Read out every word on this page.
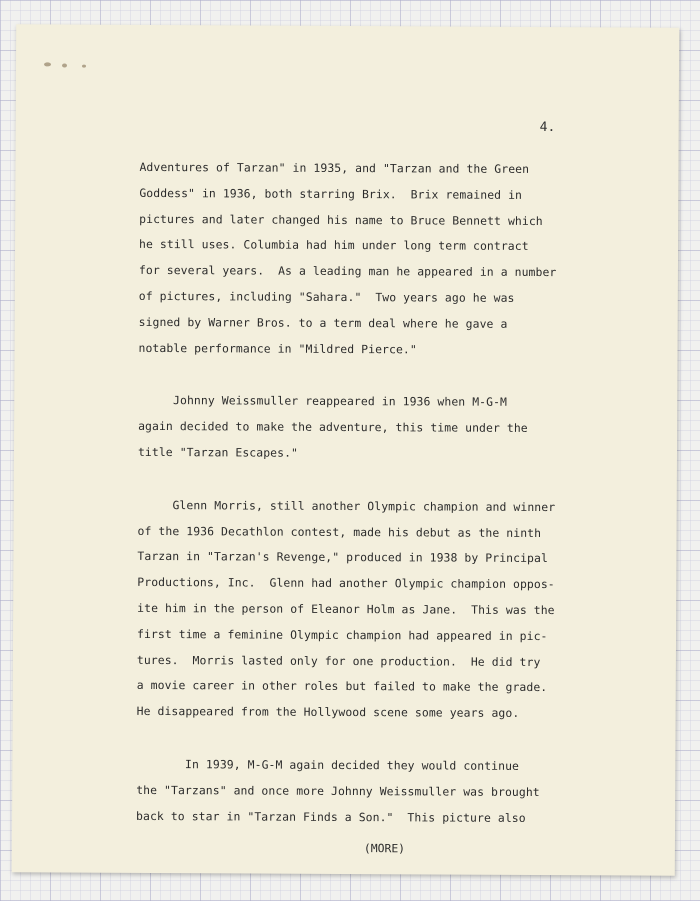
4.
Adventures of Tarzan" in 1935, and "Tarzan and the Green
Goddess" in 1936, both starring Brix.  Brix remained in
pictures and later changed his name to Bruce Bennett which
he still uses. Columbia had him under long term contract
for several years.  As a leading man he appeared in a number
of pictures, including "Sahara."  Two years ago he was
signed by Warner Bros. to a term deal where he gave a
notable performance in "Mildred Pierce."
Johnny Weissmuller reappeared in 1936 when M-G-M
again decided to make the adventure, this time under the
title "Tarzan Escapes."
Glenn Morris, still another Olympic champion and winner
of the 1936 Decathlon contest, made his debut as the ninth
Tarzan in "Tarzan's Revenge," produced in 1938 by Principal
Productions, Inc.  Glenn had another Olympic champion oppos-
ite him in the person of Eleanor Holm as Jane.  This was the
first time a feminine Olympic champion had appeared in pic-
tures.  Morris lasted only for one production.  He did try
a movie career in other roles but failed to make the grade.
He disappeared from the Hollywood scene some years ago.
In 1939, M-G-M again decided they would continue
the "Tarzans" and once more Johnny Weissmuller was brought
back to star in "Tarzan Finds a Son."  This picture also
(MORE)
